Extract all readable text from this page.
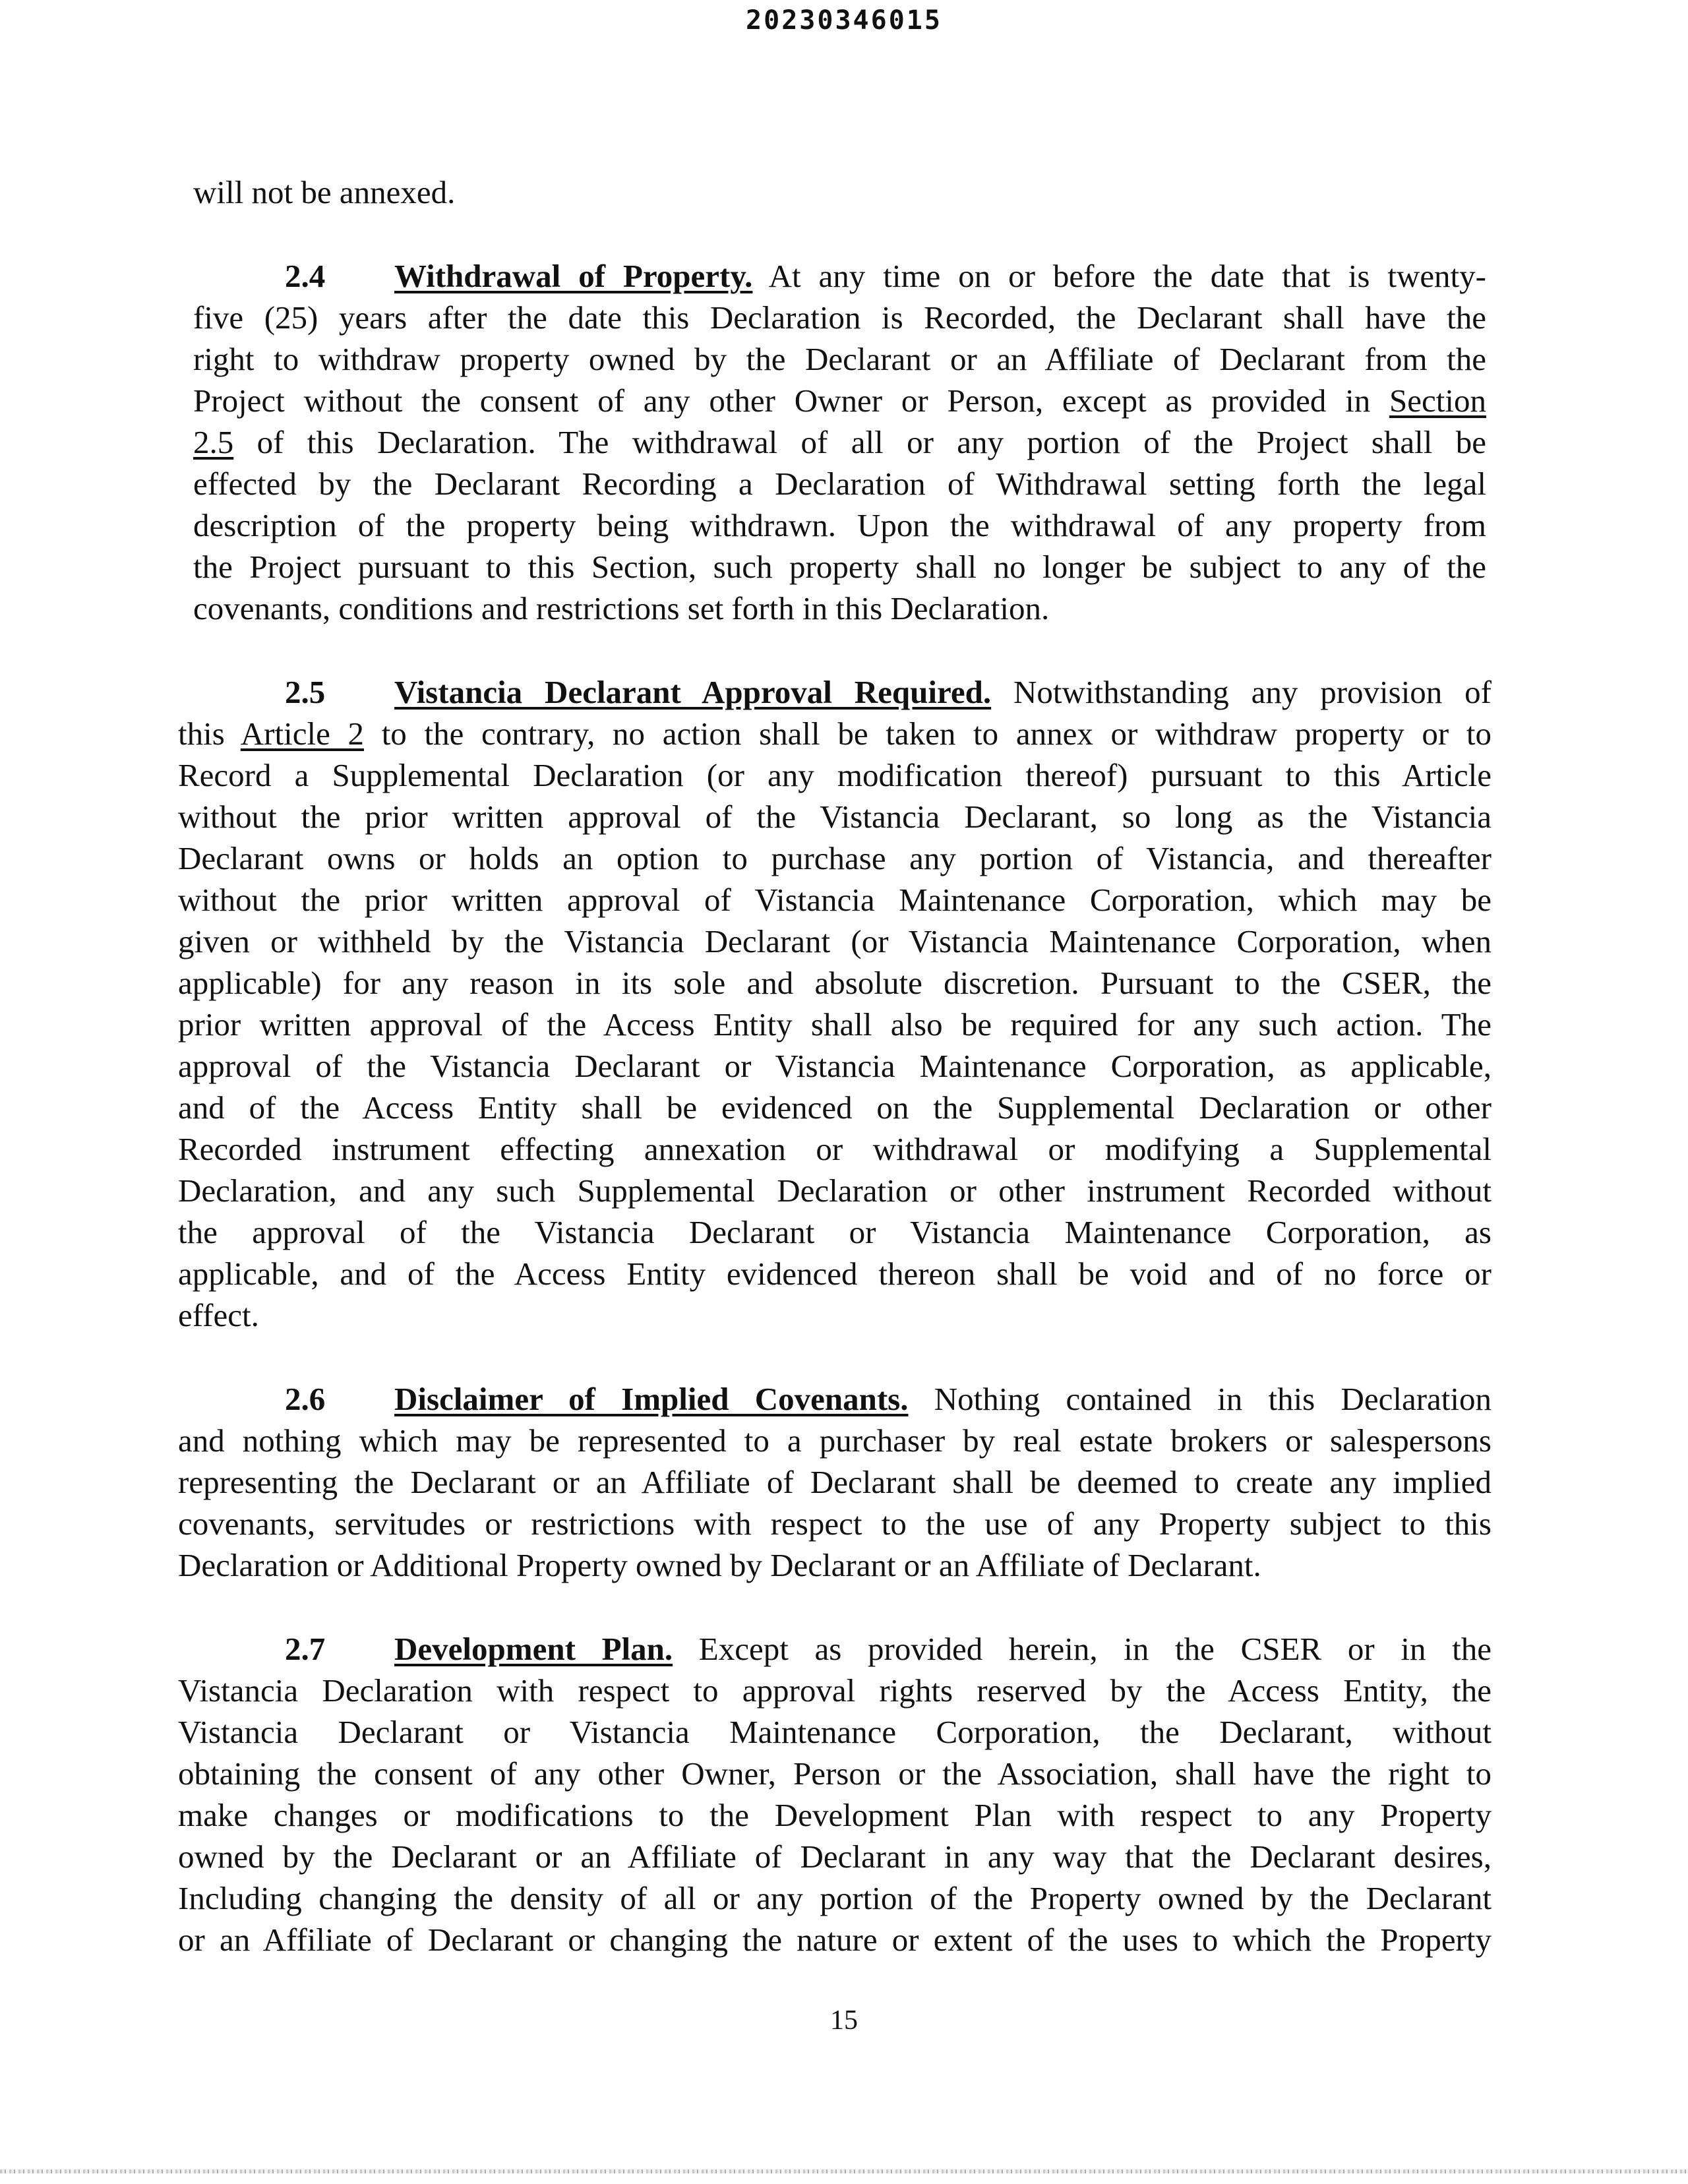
20230346015
will not be annexed.
2.4 Withdrawal of Property. At any time on or before the date that is twenty-
five (25) years after the date this Declaration is Recorded, the Declarant shall have the
right to withdraw property owned by the Declarant or an Affiliate of Declarant from the
Project without the consent of any other Owner or Person, except as provided in Section
2.5 of this Declaration. The withdrawal of all or any portion of the Project shall be
effected by the Declarant Recording a Declaration of Withdrawal setting forth the legal
description of the property being withdrawn. Upon the withdrawal of any property from
the Project pursuant to this Section, such property shall no longer be subject to any of the
covenants, conditions and restrictions set forth in this Declaration.
2.5 Vistancia Declarant Approval Required. Notwithstanding any provision of
this Article 2 to the contrary, no action shall be taken to annex or withdraw property or to
Record a Supplemental Declaration (or any modification thereof) pursuant to this Article
without the prior written approval of the Vistancia Declarant, so long as the Vistancia
Declarant owns or holds an option to purchase any portion of Vistancia, and thereafter
without the prior written approval of Vistancia Maintenance Corporation, which may be
given or withheld by the Vistancia Declarant (or Vistancia Maintenance Corporation, when
applicable) for any reason in its sole and absolute discretion. Pursuant to the CSER, the
prior written approval of the Access Entity shall also be required for any such action. The
approval of the Vistancia Declarant or Vistancia Maintenance Corporation, as applicable,
and of the Access Entity shall be evidenced on the Supplemental Declaration or other
Recorded instrument effecting annexation or withdrawal or modifying a Supplemental
Declaration, and any such Supplemental Declaration or other instrument Recorded without
the approval of the Vistancia Declarant or Vistancia Maintenance Corporation, as
applicable, and of the Access Entity evidenced thereon shall be void and of no force or
effect.
2.6 Disclaimer of Implied Covenants. Nothing contained in this Declaration
and nothing which may be represented to a purchaser by real estate brokers or salespersons
representing the Declarant or an Affiliate of Declarant shall be deemed to create any implied
covenants, servitudes or restrictions with respect to the use of any Property subject to this
Declaration or Additional Property owned by Declarant or an Affiliate of Declarant.
2.7 Development Plan. Except as provided herein, in the CSER or in the
Vistancia Declaration with respect to approval rights reserved by the Access Entity, the
Vistancia Declarant or Vistancia Maintenance Corporation, the Declarant, without
obtaining the consent of any other Owner, Person or the Association, shall have the right to
make changes or modifications to the Development Plan with respect to any Property
owned by the Declarant or an Affiliate of Declarant in any way that the Declarant desires,
Including changing the density of all or any portion of the Property owned by the Declarant
or an Affiliate of Declarant or changing the nature or extent of the uses to which the Property
15
